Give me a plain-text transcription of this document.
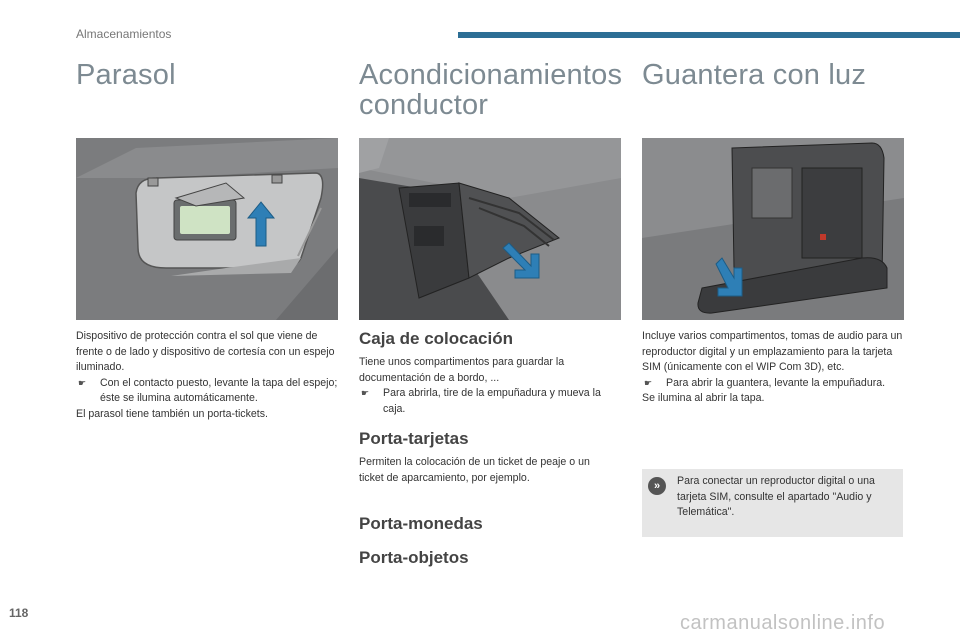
Almacenamientos
Parasol	Acondicionamientos
conductor
Guantera con luz

Dispositivo de protección contra el sol que viene de frente o de lado y dispositivo de cortesía con un espejo iluminado.

☛ Con el contacto puesto, levante la tapa del espejo; éste se ilumina automáticamente.

El parasol tiene también un porta-tickets.

Caja de colocación

Tiene unos compartimentos para guardar la documentación de a bordo, ...

☛ Para abrirla, tire de la empuñadura y mueva la caja.

Porta-tarjetas

Permiten la colocación de un ticket de peaje o un ticket de aparcamiento, por ejemplo.

Porta-monedas
Porta-objetos

Incluye varios compartimentos, tomas de audio para un reproductor digital y un emplazamiento para la tarjeta SIM (únicamente con el WIP Com 3D), etc.

☛ Para abrir la guantera, levante la empuñadura.

Se ilumina al abrir la tapa.

»	Para conectar un reproductor digital o una tarjeta SIM, consulte el apartado "Audio y Telemática".
118	carmanualsonline.info
